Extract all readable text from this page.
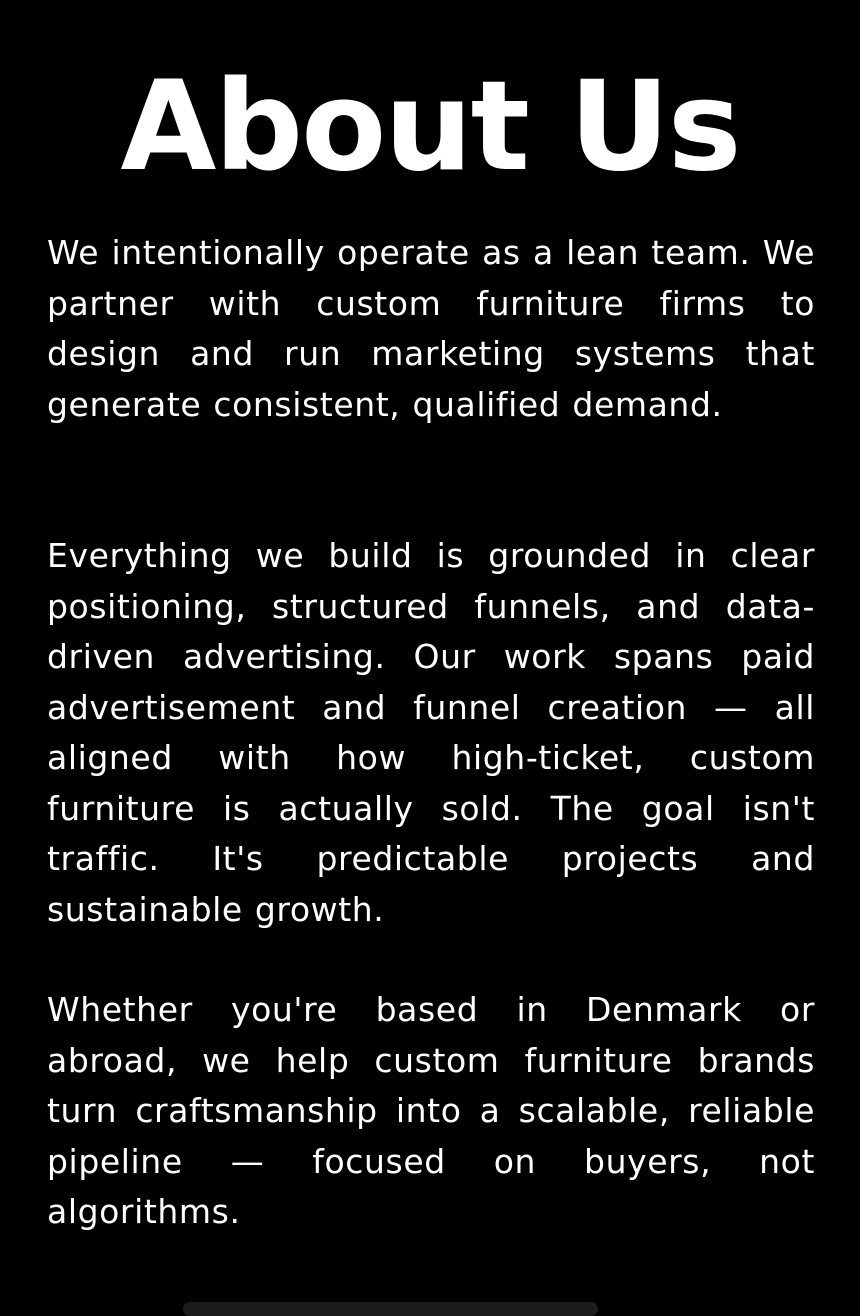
About Us

We intentionally operate as a lean team. We partner with custom furniture firms to design and run marketing systems that generate consistent, qualified demand.

Everything we build is grounded in clear positioning, structured funnels, and data-driven advertising. Our work spans paid advertisement and funnel creation — all aligned with how high-ticket, custom furniture is actually sold. The goal isn't traffic. It's predictable projects and sustainable growth.

Whether you're based in Denmark or abroad, we help custom furniture brands turn craftsmanship into a scalable, reliable pipeline — focused on buyers, not algorithms.
